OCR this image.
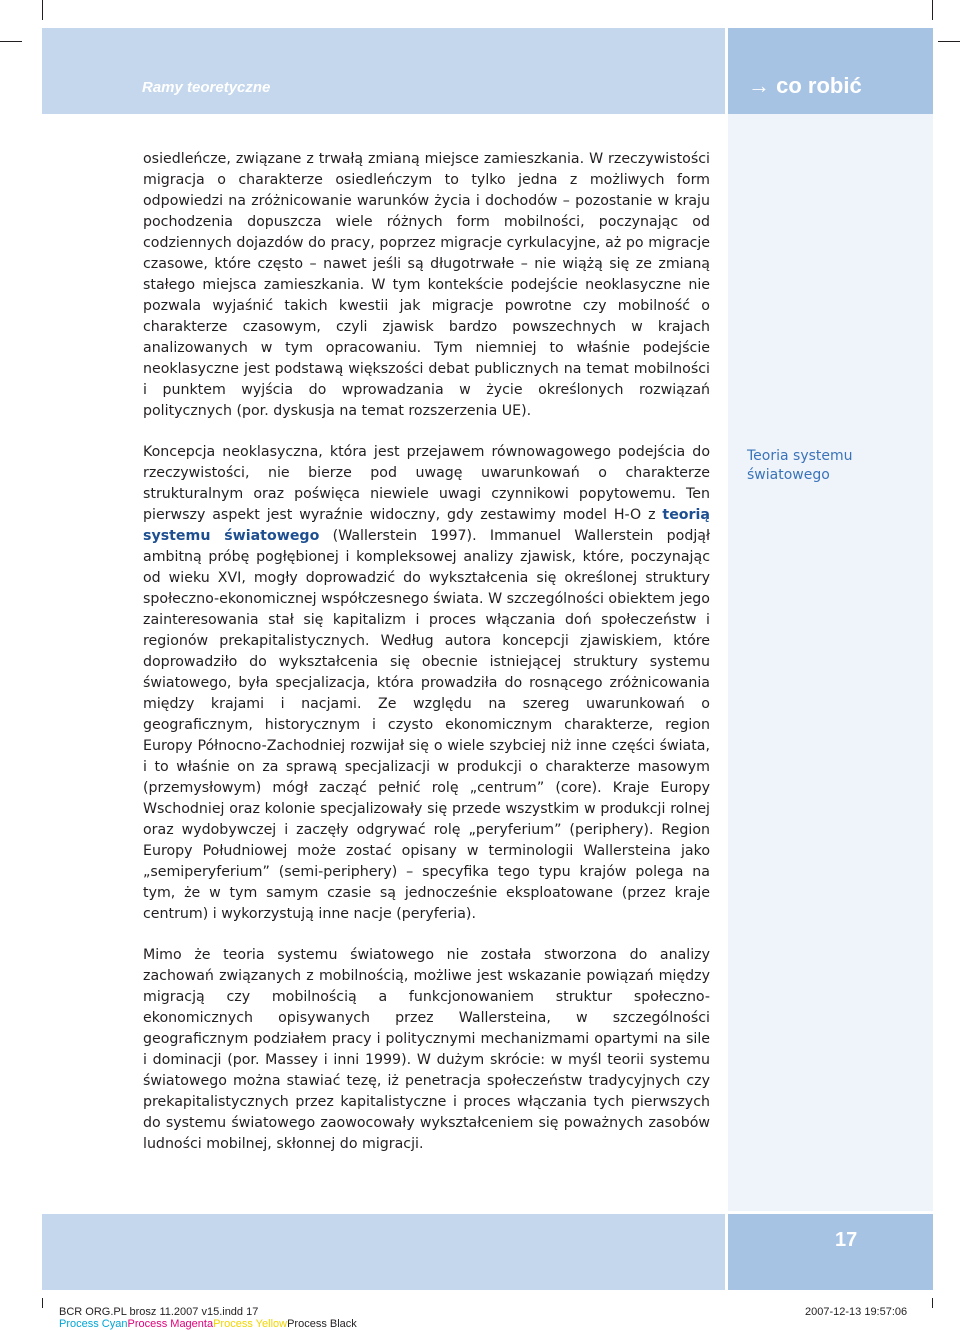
Ramy teoretyczne	→ co robić

osiedleńcze, związane z trwałą zmianą miejsce zamieszkania. W rzeczywistości migracja o charakterze osiedleńczym to tylko jedna z możliwych form odpowiedzi na zróżnicowanie warunków życia i dochodów – pozostanie w kraju pochodzenia dopuszcza wiele różnych form mobilności, poczynając od codziennych dojazdów do pracy, poprzez migracje cyrkulacyjne, aż po migracje czasowe, które często – nawet jeśli są długotrwałe – nie wiążą się ze zmianą stałego miejsca zamieszkania. W tym kontekście podejście neoklasyczne nie pozwala wyjaśnić takich kwestii jak migracje powrotne czy mobilność o charakterze czasowym, czyli zjawisk bardzo powszechnych w krajach analizowanych w tym opracowaniu. Tym niemniej to właśnie podejście neoklasyczne jest podstawą większości debat publicznych na temat mobilności i punktem wyjścia do wprowadzania w życie określonych rozwiązań politycznych (por. dyskusja na temat rozszerzenia UE).

Koncepcja neoklasyczna, która jest przejawem równowagowego podejścia do rzeczywistości, nie bierze pod uwagę uwarunkowań o charakterze strukturalnym oraz poświęca niewiele uwagi czynnikowi popytowemu. Ten pierwszy aspekt jest wyraźnie widoczny, gdy zestawimy model H-O z teorią systemu światowego (Wallerstein 1997). Immanuel Wallerstein podjął ambitną próbę pogłębionej i kompleksowej analizy zjawisk, które, poczynając od wieku XVI, mogły doprowadzić do wykształcenia się określonej struktury społeczno-ekonomicznej współczesnego świata. W szczególności obiektem jego zainteresowania stał się kapitalizm i proces włączania doń społeczeństw i regionów prekapitalistycznych. Według autora koncepcji zjawiskiem, które doprowadziło do wykształcenia się obecnie istniejącej struktury systemu światowego, była specjalizacja, która prowadziła do rosnącego zróżnicowania między krajami i nacjami. Ze względu na szereg uwarunkowań o geograficznym, historycznym i czysto ekonomicznym charakterze, region Europy Północno-Zachodniej rozwijał się o wiele szybciej niż inne części świata, i to właśnie on za sprawą specjalizacji w produkcji o charakterze masowym (przemysłowym) mógł zacząć pełnić rolę „centrum” (core). Kraje Europy Wschodniej oraz kolonie specjalizowały się przede wszystkim w produkcji rolnej oraz wydobywczej i zaczęły odgrywać rolę „peryferium” (periphery). Region Europy Południowej może zostać opisany w terminologii Wallersteina jako „semiperyferium” (semi-periphery) – specyfika tego typu krajów polega na tym, że w tym samym czasie są jednocześnie eksploatowane (przez kraje centrum) i wykorzystują inne nacje (peryferia).

Mimo że teoria systemu światowego nie została stworzona do analizy zachowań związanych z mobilnością, możliwe jest wskazanie powiązań między migracją czy mobilnością a funkcjonowaniem struktur społeczno-ekonomicznych opisywanych przez Wallersteina, w szczególności geograficznym podziałem pracy i politycznymi mechanizmami opartymi na sile i dominacji (por. Massey i inni 1999). W dużym skrócie: w myśl teorii systemu światowego można stawiać tezę, iż penetracja społeczeństw tradycyjnych czy prekapitalistycznych przez kapitalistyczne i proces włączania tych pierwszych do systemu światowego zaowocowały wykształceniem się poważnych zasobów ludności mobilnej, skłonnej do migracji.

Teoria systemu światowego
17
BCR ORG.PL brosz 11.2007 v15.indd 17	2007-12-13 19:57:06
Process CyanProcess MagentaProcess YellowProcess Black
